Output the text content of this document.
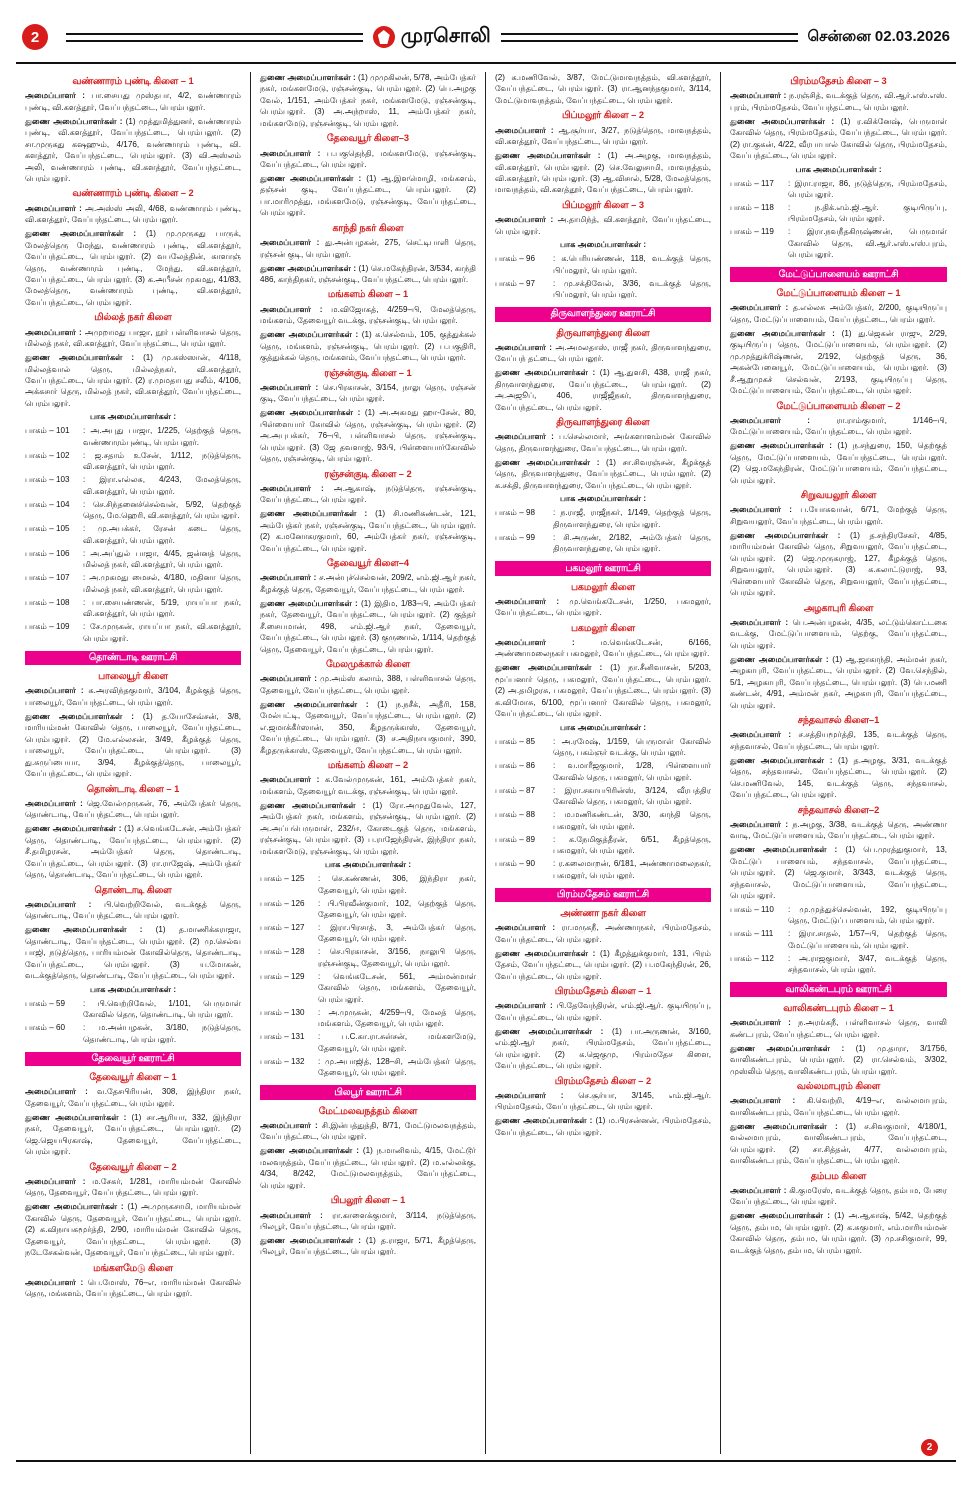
2	முரசொலி	சென்னை 02.03.2026
வண்ணாரம் புண்டி கிளை – 1
அமைப்பாளர் : பா.சையது முஸ்தபா, 4/2, வண்ணாரம் புண்டி, வி.களத்தூர், வேப்பந்தட்டை, பெரம்பலூர்.
துணை அமைப்பாளர்கள் : (1) முத்துமித்துனர், வண்ணாரம் புண்டி, வி.களத்தூர், வேப்பந்தட்டை, பெரம்பலூர். (2) சா.முருகது கஷஹும், 4/176, வண்ணாரம் புண்டி, வி. களத்தூர், வேப்பந்தட்டை, பெரம்பலூர். (3) வி.அஸ்லம் அலி, வண்ணாரம் புண்டி, வி.களத்தூர், வேப்பந்தட்டை, பெரம்பலூர்.
வண்ணாரம் புண்டி கிளை – 2
அமைப்பாளர் : அ.அஸ்ஸ் அலி, 4/68, வண்ணாரம் புண்டி, வி.களத்தூர், வேப்பந்தட்டை, பெரம்பலூர்.
துணை அமைப்பாளர்கள் : (1) மு.முருகது பாருக், மேலத்தெரு மேந்து, வண்ணாரம் புண்டி, வி.களத்தூர், வேப்பந்தட்டை, பெரம்பலூர். (2) வபலேத்தின், காளாஞ் தெரு, வண்ணாரம் புண்டி, மேந்து, வி.களத்தூர், வேப்பந்தட்டை, பெரம்பலூர். (3) க.அபீசன் முகமது, 41/83, மேலத்தெரு, வண்ணாரம் புண்டி, வி.களத்தூர், வேப்பந்தட்டை, பெரம்பலூர்.
மில்லத் நகர் கிளை
அமைப்பாளர் : அமுறாமது பாஜா, நூர் பள்ளிவாசல் தெரு, மில்லத் நகர், வி.களத்தூர், வேப்பந்தட்டை, பெரம்பலூர்.
துணை அமைப்பாளர்கள் : (1) மு.கஸ்ஸான், 4/118, மில்லத்வால் தெரு, மில்லத்நகர், வி.களத்தூர், வேப்பந்தட்டை, பெரம்பலூர். (2) ர.முமதாபது சலீம், 4/106, அக்கசார் தெரு, மில்லத் நகர், வி.களத்தூர், வேப்பந்தட்டை, பெரம்பலூர்.
பாக அமைப்பாளர்கள் :
பாகம் – 101	: அ.அபுது பாஜா, 1/225, தெற்குத் தெரு, வண்ணாரம்புண்டி, பெரம்பலூர்.
பாகம் – 102	: ஜ.சதாம் உசேன், 1/112, நடுத்தெரு, வி.களத்தூர், பெரம்பலூர்.
பாகம் – 103	: இரா.எல்லசு, 4/243, மேலத்தெரு, வி.களத்தூர், பெரம்பலூர்.
பாகம் – 104	: செ.சிந்தனைச்செல்வன், 5/92, தெற்குத் தெரு, மே.ஹெரி, வி.களத்தூர், பெரம்பலூர்.
பாகம் – 105	: மு.அபக்கர், ரேசன் கடை தெரு, வி.களத்தூர், பெரம்பலூர்.
பாகம் – 106	: அ.அப்துல் பாஜா, 4/45, ஜன்னத் தெரு, மில்லத் நகர், வி.களத்தூர், பெரம்பலூர்.
பாகம் – 107	: அ.முகமது மைசல், 4/180, மதினா தெரு, மில்லத் நகர், வி.களத்தூர், பெரம்பலூர்.
பாகம் – 108	: பா.சையண்ணன், 5/19, ராயப்பா நகர், வி.களத்தூர், பெரம்பலூர்.
பாகம் – 109	: சே.முருகன், ராயப்பா நகர், வி.களத்தூர், பெரம்பலூர்.
தொண்டாடி ஊராட்சி
பாலையூர் கிளை
அமைப்பாளர் : க.அரவிந்தகுமார், 3/104, கீழக்குத் தெரு, பாலையூர், வேப்பந்தட்டை, பெரம்பலூர்.
துணை அமைப்பாளர்கள் : (1) த.யோசேவ்சன், 3/8, மாரியம்மன் கோவில் தெரு, பாலையூர், வேப்பந்தட்டை, பெரம்பலூர். (2) மே.எல்லசன், 3/49, கீழக்குத் தெரு, பாலையூர், வேப்பந்தட்டை, பெரம்பலூர். (3) து.சுருப்பையா, 3/94, கீழக்குத்தெரு, பாலையூர், வேப்பந்தட்டை, பெரம்பலூர்.
தொண்டாடி கிளை – 1
அமைப்பாளர் : ஜெ.வேல்முருகன், 76, அம்பேத்கர் தெரு, தொண்டாடி, வேப்பந்தட்டை, பெரம்பலூர்.
துணை அமைப்பாளர்கள் : (1) ச.வெங்கடேசன், அம்பேத்கர் தெரு, தொண்டாடி, வேப்பந்தட்டை, பெரம்பலூர். (2) சீ.தமிழரசன், அம்பேத்கர் தெரு, தொண்டாடி, வேப்பந்தட்டை, பெரம்பலூர். (3) ரா.ராஜேஷ், அம்பேத்கர் தெரு, தொண்டாடி, வேப்பந்தட்டை, பெரம்பலூர்.
தொண்டாடி கிளை
அமைப்பாளர் : பி.வெற்றிவேல், வடக்குத் தெரு, தொண்டாடி, வேப்பந்தட்டை, பெரம்பலூர்.
துணை அமைப்பாளர்கள் : (1) த.மாணிக்கராஜா, தொண்டாடி, வேப்பந்தட்டை, பெரம்பலூர். (2) மு.செல்வ பாஜி, நடுத்தெரு, பாரியம்மன் கோவில்தெரு, தொண்டாடி, வேப்பந்தட்டை, பெரம்பலூர். (3) ய.மோகன், வடக்குத்தெரு, தொண்டாடி, வேப்பந்தட்டை, பெரம்பலூர்.
பாக அமைப்பாளர்கள் :
பாகம் – 59	: பி.வெற்றிவேல், 1/101, பெருமாள் கோவில் தெரு, தொண்டாடி, பெரம்பலூர்.
பாகம் – 60	: ம.அன்பழகன், 3/180, நடுத்தெரு, தொண்டாடி, பெரம்பலூர்.
தேவையூர் ஊராட்சி
தேவையூர் கிளை – 1
அமைப்பாளர் : வ.தேசபிரியன், 308, இந்திரா நகர், தேவையூர், வேப்பந்தட்டை, பெரம்பலூர்.
துணை அமைப்பாளர்கள் : (1) சா.ஆரியா, 332, இந்திரா நகர், தேவையூர், வேப்பந்தட்டை, பெரம்பலூர். (2) ஜெ.ஜெயபிரகாஷ், தேவையூர், வேப்பந்தட்டை, பெரம்பலூர்.
தேவையூர் கிளை – 2
அமைப்பாளர் : ம.சேகர், 1/281, மாரியம்மன் கோவில் தெரு, தேவையூர், வேப்பந்தட்டை, பெரம்பலூர்.
துணை அமைப்பாளர்கள் : (1) அ.முருகசாமி, மாரியம்மன் கோவில் தெரு, தேவையூர், வேப்பந்தட்டை, பெரம்பலூர். (2) க.விநாயகமூர்த்தி, 2/90, மாரியம்மன் கோவில் தெரு, தேவையூர், வேப்பந்தட்டை, பெரம்பலூர். (3) நடேசேகல்வன், தேவையூர், வேப்பந்தட்டை, பெரம்பலூர்.
மங்களமேடு கிளை
அமைப்பாளர் : பெ.மோஸ், 76–எ, மாரியம்மன் கோவில் தெரு, மங்களம், வேப்பந்தட்டை, பெரம்பலூர்.
துணை அமைப்பாளர்கள் : (1) முமுகிலன், 5/78, அம்பேத்கர் நகர், மங்களமேடு, ரஞ்சன்குடி, பெரம்பலூர். (2) பெ.அழகு வேல், 1/151, அம்பேத்கர் நகர், மங்களமேடு, ரஞ்சன்குடி, பெரம்பலூர். (3) அ.அந்றாஸ், 11, அம்பேத்கர் நகர், மங்களமேடு, ரஞ்சன்குடி, பெரம்பலூர்.
தேவையூர் கிளை–3
அமைப்பாளர் : ப.பகுதெந்தி, மங்களமேடு, ரஞ்சன்குடி, வேப்பந்தட்டை, பெரம்பலூர்.
துணை அமைப்பாளர்கள் : (1) ஆ.இளமொழி, மங்களம், தஞ்சன் குடி, வேப்பந்தட்டை, பெரம்பலூர். (2) பா.மாரிமுத்து, மங்களமேடு, ரஞ்சன்குடி, வேப்பந்தட்டை, பெரம்பலூர்.
காந்தி நகர் கிளை
அமைப்பாளர் : து.அன்பழகன், 275, செட்டிபாளி தெரு, ரஞ்சன் குடி, பெரம்பலூர்.
துணை அமைப்பாளர்கள் : (1) செ.மகேந்திரன், 3/534, காந்தி 486, காந்திநகர், ரஞ்சன்குடி, வேப்பந்தட்டை, பெரம்பலூர்.
மங்களம் கிளை – 1
அமைப்பாளர் : ம.விஜோகத், 4/259–பி, மேலத்தெரு, மங்களம், தேவையூர் வடக்கு, ரஞ்சன்குடி, பெரம்பலூர்.
துணை அமைப்பாளர்கள் : (1) க.செல்வம், 105, குத்துக்கல் தெரு, மங்களம், ரஞ்சன்குடி, பெரம்பலூர். (2) ப.பகுதிரி, குத்துக்கல் தெரு, மங்களம், வேப்பந்தட்டை, பெரம்பலூர்.
ரஞ்சன்குடி கிளை – 1
அமைப்பாளர் : செ.பிரகாசன், 3/154, நாலு தெரு, ரஞ்சன் குடி, வேப்பந்தட்டை, பெரம்பலூர்.
துணை அமைப்பாளர்கள் : (1) அ.அகமது ஹா-சேன், 80, பிள்ளையார் கோவில் தெரு, ரஞ்சன்குடி, பெரம்பலூர். (2) அ.அபுபக்கர், 76–பி, பள்ளிவாசல் தெரு, ரஞ்சன்குடி, பெரம்பலூர். (3) ஜே தவளாஜ், 93பி, பிள்ளையார்கோவில் தெரு, ரஞ்சன்குடி, பெரம்பலூர்.
ரஞ்சன்குடி கிளை – 2
அமைப்பாளர் : அ.ஆகாஷ், நடுத்தெரு, ரஞ்சன்குடி, வேப்பந்தட்டை, பெரம்பலூர்.
துணை அமைப்பாளர்கள் : (1) சி.மணிகண்டன், 121, அம்பேத்கர் நகர், ரஞ்சன்குடி, வேப்பந்தட்டை, பெரம்பலூர். (2) க.மனோகரகுமார், 60, அம்பேத்கர் நகர், ரஞ்சன்குடி, வேப்பந்தட்டை, பெரம்பலூர்.
தேவையூர் கிளை–4
அமைப்பாளர் : ச.அன்புச்செல்வன், 209/2, எம்.ஜி.ஆர் நகர், கீழக்குத் தெரு, தேவையூர், வேப்பந்தட்டை, பெரம்பலூர்.
துணை அமைப்பாளர்கள் : (1) இதிம, 1/83–பி, அம்பேத்கர் நகர், தேவையூர், வேப்பந்தட்டை, பெரம்பலூர். (2) குத்தர் சீ.சையமான், 498, எம்.ஜி.ஆர் நகர், தேவையூர், வேப்பந்தட்டை, பெரம்பலூர். (3) குருணால், 1/114, தெற்குத் தெரு, தேவையூர், வேப்பந்தட்டை, பெரம்பலூர்.
மேலமுக்கால் கிளை
அமைப்பாளர் : மு.அம்ஸ் கலாம், 388, பள்ளிவாசல் தெரு, தேவையூர், வேப்பந்தட்டை, பெரம்பலூர்.
துணை அமைப்பாளர்கள் : (1) ந.நசீக், அதீரி, 158, மேல்பட்டி, தேவையூர், வேப்பந்தட்டை, பெரம்பலூர். (2) எ.ஜமாக்கீர்ஸான், 350, கீழதருக்காஸ், தேவையூர், வேப்பந்தட்டை, பெரம்பலூர். (3) ச.அதிநாயகுமார், 390, கீழதருக்காஸ், தேவையூர், வேப்பந்தட்டை, பெரம்பலூர்.
மங்களம் கிளை – 2
அமைப்பாளர் : க.வேல்முருகன், 161, அம்பேத்கர் நகர், மங்களம், தேவையூர் வடக்கு, ரஞ்சன்குடி, பெரம்பலூர்.
துணை அமைப்பாளர்கள் : (1) ரோ.அமுதுவேல், 127, அம்பேத்கர் நகர், மங்களம், ரஞ்சன்குடி, பெரம்பலூர். (2) அ.அப்பபெருமாள், 232/ஈ, கோடைகுத் தெரு, மங்களம், ரஞ்சன்குடி, பெரம்பலூர். (3) ப.ராஜேந்திரன், இந்திரா நகர், மங்களமேடு, ரஞ்சன்குடி, பெரம்பலூர்.
பாக அமைப்பாளர்கள் :
பாகம் – 125	: செ.கண்ணன், 306, இந்திரா நகர், தேவையூர், பெரம்பலூர்.
பாகம் – 126	: பி.பிரவீன்குமார், 102, தெற்குத் தெரு, தேவையூர், பெரம்பலூர்.
பாகம் – 127	: இரா.பிரசாத், 3, அம்பேத்கர் தெரு, தேவையூர், பெரம்பலூர்.
பாகம் – 128	: செ.பிரகாசன், 3/156, நாலுபி தெரு, ரஞ்சன்குடி, தேவையூர், பெரம்பலூர்.
பாகம் – 129	: வெங்கடேசன், 561, அம்மன்மாள் கோவில் தெரு, மங்களம், தேவையூர், பெரம்பலூர்.
பாகம் – 130	: அ.முருகன், 4/259–பி, மேலத் தெரு, மங்களம், தேவையூர், பெரம்பலூர்.
பாகம் – 131	: ப.C.கா.ரா.சுள்சன், மங்களமேடு, தேவையூர், பெரம்பலூர்.
பாகம் – 132	: மு.அபாஜித், 128–சி, அம்பேத்கர் தெரு, தேவையூர், பெரம்பலூர்.
பிலபூர் ஊராட்சி
மேட்மலவநத்தம் கிளை
அமைப்பாளர் : சி.இன்பத்துத்தி, 8/71, மேட்டுமலவநத்தம், வேப்பந்தட்டை, பெரம்பலூர்.
துணை அமைப்பாளர்கள் : (1) ந.மானிவம், 4/15, மேட்டூர் மலவநத்தம், வேப்பந்தட்டை, பெரம்பலூர். (2) ம.எல்லக்கு, 4/34, 8/242, மேட்டுமலவநத்தம், வேப்பந்தட்டை, பெரம்பலூர்.
பிபலூர் கிளை – 1
அமைப்பாளர் : ரா.காளைக்குமார், 3/114, நடுத்தெரு, பிலபூர், வேப்பந்தட்டை, பெரம்பலூர்.
துணை அமைப்பாளர்கள் : (1) த.ராஜா, 5/71, கீழத்தெரு, பிலபூர், வேப்பந்தட்டை, பெரம்பலூர்.
(2) க.மணிவேல், 3/87, மேட்டுமாவநத்தம், வி.களத்தூர், வேப்பந்தட்டை, பெரம்பலூர். (3) ரா.ஆனந்தகுமார், 3/114, மேட்டுமாவநத்தம், வேப்பந்தட்டை, பெரம்பலூர்.
பிப்மலூர் கிளை – 2
அமைப்பாளர் : ஆ.சூர்யா, 3/27, நடுத்தெரு, மாவநத்தம், வி.களத்தூர், வேப்பந்தட்டை, பெரம்பலூர்.
துணை அமைப்பாளர்கள் : (1) அ.அழகு, மாவநத்தம், வி.களத்தூர், பெரம்பலூர். (2) செ.வேலுசாமி, மாவநத்தம், வி.களத்தூர், பெரம்பலூர். (3) ஆ.விசால், 5/28, மேலத்தெரு, மாவநத்தம், வி.களத்தூர், வேப்பந்தட்டை, பெரம்பலூர்.
பிப்மலூர் கிளை – 3
அமைப்பாளர் : அ.தாமிந்த், வி.களத்தூர், வேப்பந்தட்டை, பெரம்பலூர்.
பாக அமைப்பாளர்கள் :
பாகம் – 96	: க.பெரியண்ணன், 118, வடக்குத் தெரு, பிப்மலூர், பெரம்பலூர்.
பாகம் – 97	: மு.சக்திவேல், 3/36, வடக்குத் தெரு, பிப்மலூர், பெரம்பலூர்.
திருவாளந்துரை ஊராட்சி
திருவாளந்துரை கிளை
அமைப்பாளர் : அ.அமலதாஸ், ராஜீ நகர், திருவாளந்துரை, வேப்பந் தட்டை, பெரம்பலூர்.
துணை அமைப்பாளர்கள் : (1) ஆ.துளசி, 438, ராஜீ நகர், திருவாளந்துரை, வேப்பந்தட்டை, பெரம்பலூர். (2) அ.அஜூப், 406, ராஜீஜீநகர், திருவாளந்துரை, வேப்பந்தட்டை, பெரம்பலூர்.
திருவாளந்துரை கிளை
அமைப்பாளர் : ப.செல்லமார், அங்களாளம்மன் கோவில் தெரு, திருவாளந்துரை, வேப்பந்தட்டை, பெரம்பலூர்.
துணை அமைப்பாளர்கள் : (1) சா.சிவரஞ்சன், கீழக்குத் தெரு, திருவாளந்துரை, வேப்பந்தட்டை, பெரம்பலூர். (2) க.சக்தி, திருவாளந்துரை, வேப்பந்தட்டை, பெரம்பலூர்.
பாக அமைப்பாளர்கள் :
பாகம் – 98	: ந.ராஜீ, ராஜீநகர், 1/149, தெற்குத் தெரு, திருவாளந்துரை, பெரம்பலூர்.
பாகம் – 99	: சி.அருண், 2/182, அம்பேத்கர் தெரு, திருவாளந்துரை, பெரம்பலூர்.
பகமலூர் ஊராட்சி
பகமலூர் கிளை
அமைப்பாளர் : மு.வெங்கடேசன், 1/250, பகமலூர், வேப்பந்தட்டை, பெரம்பலூர்.
பகமலூர் கிளை
அமைப்பாளர் : ம.வெங்கடேசன், 6/166, அண்ணாமலைநகர் பகமலூர், வேப்பந்தட்டை, பெரம்பலூர்.
துணை அமைப்பாளர்கள் : (1) நா.சீனிவாசன், 5/203, மூப்பனார் தெரு, பகமலூர், வேப்பந்தட்டை, பெரம்பலூர். (2) அ.தமிழரசு, பகமலூர், வேப்பந்தட்டை, பெரம்பலூர். (3) க.விமோசு, 6/100, மூப்பனார் கோவில் தெரு, பகமலூர், வேப்பந்தட்டை, பெரம்பலூர்.
பாக அமைப்பாளர்கள் :
பாகம் – 85	: அ.ரமேஷ், 1/159, பெருமாள் கோவில் தெரு, பகம்ஞர் வடக்கு, பெரம்பலூர்.
பாகம் – 86	: வ.மாரீஜகுமார், 1/28, பிள்ளையார் கோவில் தெரு, பகமலூர், பெரம்பலூர்.
பாகம் – 87	: இரா.சகாயபிரின்ஸ், 3/124, வீரபத்திர கோவில் தெரு, பகமலூர், பெரம்பலூர்.
பாகம் – 88	: ம.மணிகண்டன், 3/30, காந்தி தெரு, பகமலூர், பெரம்பலூர்.
பாகம் – 89	: க.நேமிகுத்தீரன், 6/51, கீழத்தெரு, பகமலூர், பெரம்பலூர்.
பாகம் – 90	: ர.கலைமாறன், 6/181, அண்ணாமலைநகர், பகமலூர், பெரம்பலூர்.
பிரம்மதேசம் ஊராட்சி
அண்ணா நகர் கிளை
அமைப்பாளர் : ரா.மருகநீ, அண்ணாநகர், பிரம்மதேசம், வேப்பந்தட்டை, பெரம்பலூர்.
துணை அமைப்பாளர்கள் : (1) கீழத்துக்குமார், 131, பிரம் தேசம், வேப்பந்தட்டை, பெரம்பலூர். (2) ப.மகேந்திரன், 26, வேப்பந்தட்டை, பெரம்பலூர்.
பிரம்மதேசம் கிளை – 1
அமைப்பாளர் : பி.தேவேந்திரன், எம்.ஜி.ஆர். குடியிருப்பு, வேப்பந்தட்டை, பெரம்பலூர்.
துணை அமைப்பாளர்கள் : (1) பா.அருணன், 3/160, எம்.ஜி.ஆர் நகர், பிரம்மதேசம், வேப்பந்தட்டை, பெரம்பலூர். (2) க.ஜெகுமு, பிரம்மதேச கிளை, வேப்பந்தட்டை, பெரம்பலூர்.
பிரம்மதேசம் கிளை – 2
அமைப்பாளர் : செ.சூர்யா, 3/145, எம்.ஜி.ஆர். பிரம்மதேசம், வேப்பந்தட்டை, பெரம்பலூர்.
துணை அமைப்பாளர்கள் : (1) ம.பிரசன்னன், பிரம்மதேசம், வேப்பந்தட்டை, பெரம்பலூர்.
பிரம்மதேசம் கிளை – 3
அமைப்பாளர் : ந.ரஞ்சித், வடக்குத் தெரு, வி.ஆர்.எஸ்.எஸ். புரம், பிரம்மதேசம், வேப்பந்தட்டை, பெரம்பலூர்.
துணை அமைப்பாளர்கள் : (1) ர.விக்னேஷ், பெருமாள் கோவில் தெரு, பிரம்மதேசம், வேப்பந்தட்டை, பெரம்பலூர். (2) ரா.குகன், 4/22, வீரபாபால் கோவில் தெரு, பிரம்மதேசம், வேப்பந்தட்டை, பெரம்பலூர்.
பாக அமைப்பாளர்கள் :
பாகம் – 117	: இரா.ராஜா, 86, நடுத்தெரு, பிரம்மதேசம், பெரம்பலூர்.
பாகம் – 118	: ந.திக்.எம்.ஜி.ஆர். குடியிருப்பு, பிரம்மதேசம், பெரம்பலூர்.
பாகம் – 119	: இரா.நவநீதகிருஷ்ணன், பெருமாள் கோவில் தெரு, வி.ஆர்.எஸ்.எஸ்.புரம், பெரம்பலூர்.
மேட்டுப்பாளையம் ஊராட்சி
மேட்டுப்பாளையம் கிளை – 1
அமைப்பாளர் : த.எல்லசு அம்பேத்கர், 2/200, குடியிருப்பு தெரு, மேட்டுப்பாளையம், வேப்பந்தட்டை, பெரம்பலூர்.
துணை அமைப்பாளர்கள் : (1) து.ஜெகன் ராஜு, 2/29, குடியிருப்பு தெரு, மேட்டுப்பாளையம், பெரம்பலூர். (2) மு.முத்துக்ரிஷ்ணன், 2/192, தெற்குத் தெரு, 36, அகன்பேனையூர், மேட்டுப்பாளையம், பெரம்பலூர். (3) சீ.ஆறுமுகச் செல்வன், 2/193, குடியிருப்பு தெரு, மேட்டுப்பாளையம், வேப்பந்தட்டை, பெரம்பலூர்.
மேட்டுப்பாளையம் கிளை – 2
அமைப்பாளர் : ரா.ராம்குமார், 1/146–பி, மேட்டுப்பாளையம், வேப்பந்தட்டை, பெரம்பலூர்.
துணை அமைப்பாளர்கள் : (1) ந.சந்துரை, 150, தெற்குத் தெரு, மேட்டுப்பாளையம், வேப்பந்தட்டை, பெரம்பலூர். (2) ஜெ.மகேந்திரன், மேட்டுப்பாளையம், வேப்பந்தட்டை, பெரம்பலூர்.
சிறுவயலூர் கிளை
அமைப்பாளர் : ப.யோசுவான், 6/71, மேற்குத் தெரு, சிறுவயலூர், வேப்பந்தட்டை, பெரம்பலூர்.
துணை அமைப்பாளர்கள் : (1) த.சந்திரசேகர், 4/85, மாரியம்மன் கோவில் தெரு, சிறுவயலூர், வேப்பந்தட்டை, பெரம்பலூர். (2) ஜெ.முருகராஜ், 127, கீழக்குத் தெரு, சிறுவயலூர், பெரம்பலூர். (3) க.கலாட்டுராஜ், 93, பிள்ளையார் கோவில் தெரு, சிறுவயலூர், வேப்பந்தட்டை, பெரம்பலூர்.
அழகாபுரி கிளை
அமைப்பாளர் : பெ.அன்பழகன், 4/35, லட்டும்கொட்டகை வடக்கு, மேட்டுப்பாளையம், தெற்கு, வேப்பந்தட்டை, பெரம்பலூர்.
துணை அமைப்பாளர்கள் : (1) ஆ.ஜாகாந்தி, அம்மன் நகர், அழகாபுரி, வேப்பந்தட்டை, பெரம்பலூர். (2) வே.செந்தில், 5/1, அழகாபுரி, வேப்பந்தட்டை, பெரம்பலூர். (3) பெ.மணி கண்டன், 4/91, அம்மன் நகர், அழகாபுரி, வேப்பந்தட்டை, பெரம்பலூர்.
சந்தவாசல் கிளை–1
அமைப்பாளர் : ச.சத்தியமூர்த்தி, 135, வடக்குத் தெரு, சந்தவாசல், வேப்பந்தட்டை, பெரம்பலூர்.
துணை அமைப்பாளர்கள் : (1) த.அழகு, 3/31, வடக்குத் தெரு, சந்தவாசல், வேப்பந்தட்டை, பெரம்பலூர். (2) செ.மணிவேல், 145, வடக்குத் தெரு, சந்தவாசல், வேப்பந்தட்டை, பெரம்பலூர்.
சந்தவாசல் கிளை–2
அமைப்பாளர் : ந.அழகு, 3/38, வடக்குத் தெரு, அண்ணா வாடி, மேட்டுப்பாளையம், வேப்பந்தட்டை, பெரம்பலூர்.
துணை அமைப்பாளர்கள் : (1) பெ.முரத்துகுமார், 13, மேட்டுப் பாளையம், சந்தவாசல், வேப்பந்தட்டை, பெரம்பலூர். (2) ஜெ.குமார், 3/343, வடக்குத் தெரு, சந்தவாசல், மேட்டுப்பாளையம், வேப்பந்தட்டை, பெரம்பலூர்.
பாகம் – 110	: மு.முத்துச்செல்வன், 192, குடியிருப்பு தெரு, மேட்டுப் பாளையம், பெரம்பலூர்.
பாகம் – 111	: இரா.சாதல், 1/57–பி, தெற்குத் தெரு, மேட்டுப்பாளையம், பெரம்பலூர்.
பாகம் – 112	: அ.ராஜகுமார், 3/47, வடக்குத் தெரு, சந்தவாசல், பெரம்பலூர்.
வாலிகண்டபுரம் ஊராட்சி
வாலிகண்டபுரம் கிளை – 1
அமைப்பாளர் : ந.அரங்கநீ, பள்ளிவாசல் தெரு, வாலி கண்டபுரம், வேப்பந்தட்டை, பெரம்பலூர்.
துணை அமைப்பாளர்கள் : (1) மு.தாரா, 3/1756, வாலிகண்டபுரம், பெரம்பலூர். (2) ரா.செல்வம், 3/302, முஸ்லிம் தெரு, வாலிகண்டபுரம், பெரம்பலூர்.
வல்லமாபுரம் கிளை
அமைப்பாளர் : கி.வெற்றி, 4/19–எ, வல்லமாபுரம், வாலிகண்டபுரம், வேப்பந்தட்டை, பெரம்பலூர்.
துணை அமைப்பாளர்கள் : (1) ச.சிவகுமார், 4/180/1, வல்லமாபுரம், வாலிகண்டபுரம், வேப்பந்தட்டை, பெரம்பலூர். (2) சா.சித்தன், 4/77, வல்லமாபுரம், வாலிகண்டபுரம், வேப்பந்தட்டை, பெரம்பலூர்.
தம்பம கிளை
அமைப்பாளர் : கி.குமரேஸ், வடக்குத் தெரு, தம்பம, பேரை வேப்பந்தட்டை, பெரம்பலூர்.
துணை அமைப்பாளர்கள் : (1) அ.ஆகாஷ், 5/42, தெற்குத் தெரு, தம்பம, பெரம்பலூர். (2) க.சுகுமார், எம்.மாரியம்மன் கோவில் தெரு, தம்பம, பெரம்பலூர். (3) மு.சசிகுமார், 99, வடக்குத் தெரு, தம்பம, பெரம்பலூர்.
2
